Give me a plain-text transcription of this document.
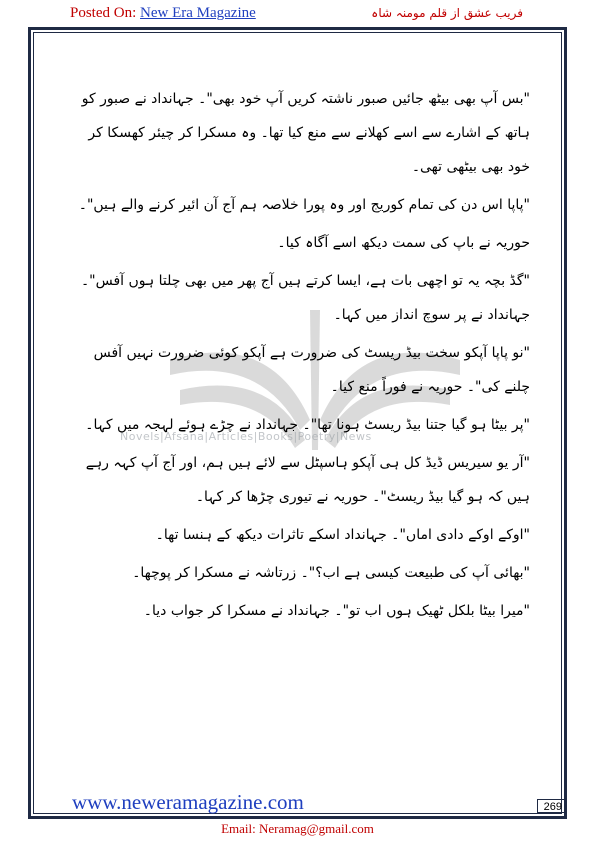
Posted On: New Era Magazine	فریب عشق از قلم مومنہ شاہ
Novels|Afsana|Articles|Books|Poetry|News

"بس آپ بھی بیٹھ جائیں صبور ناشتہ کریں آپ خود بھی"۔ جہانداد نے صبور کو ہاتھ کے اشارے سے اسے کھلانے سے منع کیا تھا۔ وہ مسکرا کر چیئر کھسکا کر خود بھی بیٹھی تھی۔

"پاپا اس دن کی تمام کوریج اور وہ پورا خلاصہ ہم آج آن ائیر کرنے والے ہیں"۔

حوریہ نے باپ کی سمت دیکھ اسے آگاہ کیا۔

"گڈ بچہ یہ تو اچھی بات ہے، ایسا کرتے ہیں آج پھر میں بھی چلتا ہوں آفس"۔ جہانداد نے پر سوچ انداز میں کہا۔

"نو پاپا آپکو سخت بیڈ ریسٹ کی ضرورت ہے آپکو کوئی ضرورت نہیں آفس چلنے کی"۔ حوریہ نے فوراً منع کیا۔

"پر بیٹا ہو گیا جتنا بیڈ ریسٹ ہونا تھا"۔ جہانداد نے چڑے ہوئے لہجہ میں کہا۔

"آر یو سیریس ڈیڈ کل ہی آپکو ہاسپٹل سے لائے ہیں ہم، اور آج آپ کہہ رہے ہیں کہ ہو گیا بیڈ ریسٹ"۔ حوریہ نے تیوری چڑھا کر کہا۔

"اوکے اوکے دادی اماں"۔ جہانداد اسکے تاثرات دیکھ کے ہنسا تھا۔

"بھائی آپ کی طبیعت کیسی ہے اب؟"۔ زرتاشہ نے مسکرا کر پوچھا۔

"میرا بیٹا بلکل ٹھیک ہوں اب تو"۔ جہانداد نے مسکرا کر جواب دیا۔

www.neweramagazine.com	269
Email: Neramag@gmail.com
